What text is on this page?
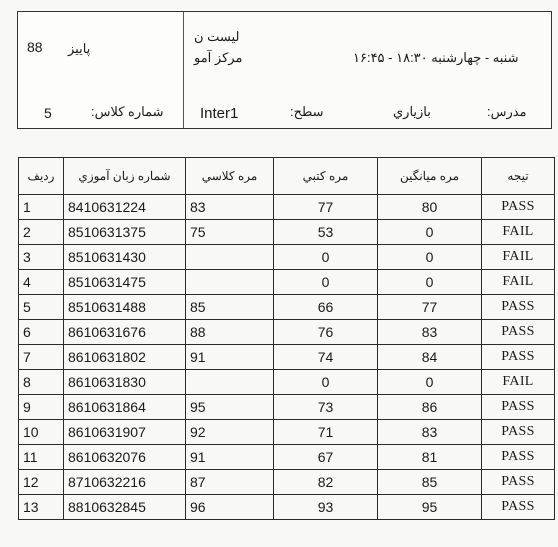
88 پاییز
لیست ن
مرکز آمو	شنبه - چهارشنبه ۱۸:۳۰ - ۱۶:۴۵
5	شماره کلاس: Inter1	سطح:	بازیاري	مدرس:
ردیف	شماره زبان آموزي	مره کلاسي	مره کتبي	مره میانگین	تیجه
1	8410631224	83	77	80	PASS
2	8510631375	75	53	0	FAIL
3	8510631430		0	0	FAIL
4	8510631475		0	0	FAIL
5	8510631488	85	66	77	PASS
6	8610631676	88	76	83	PASS
7	8610631802	91	74	84	PASS
8	8610631830		0	0	FAIL
9	8610631864	95	73	86	PASS
10	8610631907	92	71	83	PASS
11	8610632076	91	67	81	PASS
12	8710632216	87	82	85	PASS
13	8810632845	96	93	95	PASS
